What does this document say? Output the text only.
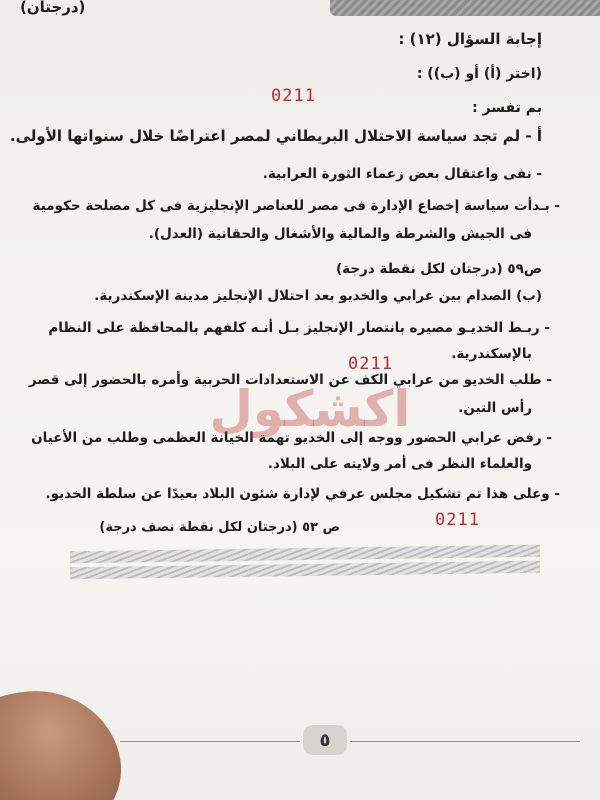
(درجتان)
إجابة السؤال (١٢) :
(اختر (أ) أو (ب)) :
0211
بم تفسر :
أ - لم تجد سياسة الاحتلال البريطاني لمصر اعتراضًا خلال سنواتها الأولى.
- نفى واعتقال بعض زعماء الثورة العرابية.
- بـدأت سياسة إخضاع الإدارة فى مصر للعناصر الإنجليزية فى كل مصلحة حكومية
فى الجيش والشرطة والمالية والأشغال والحقانية (العدل).
ص٥٩ (درجتان لكل نقطة درجة)
(ب) الصدام بين عرابي والخديو بعد احتلال الإنجليز مدينة الإسكندرية.
- ربـط الخديـو مصيره بانتصار الإنجليز بـل أنـه كلفهم بالمحافظة على النظام
بالإسكندرية.
0211
- طلب الخديو من عرابي الكف عن الاستعدادات الحربية وأمره بالحضور إلى قصر
رأس التين.
- رفض عرابي الحضور ووجه إلى الخديو تهمة الخيانة العظمى وطلب من الأعيان
والعلماء النظر فى أمر ولايته على البلاد.
- وعلى هذا تم تشكيل مجلس عرفي لإدارة شئون البلاد بعيدًا عن سلطة الخديو.
0211
ص ٥٣ (درجتان لكل نقطة نصف درجة)
اكشكول
٥
